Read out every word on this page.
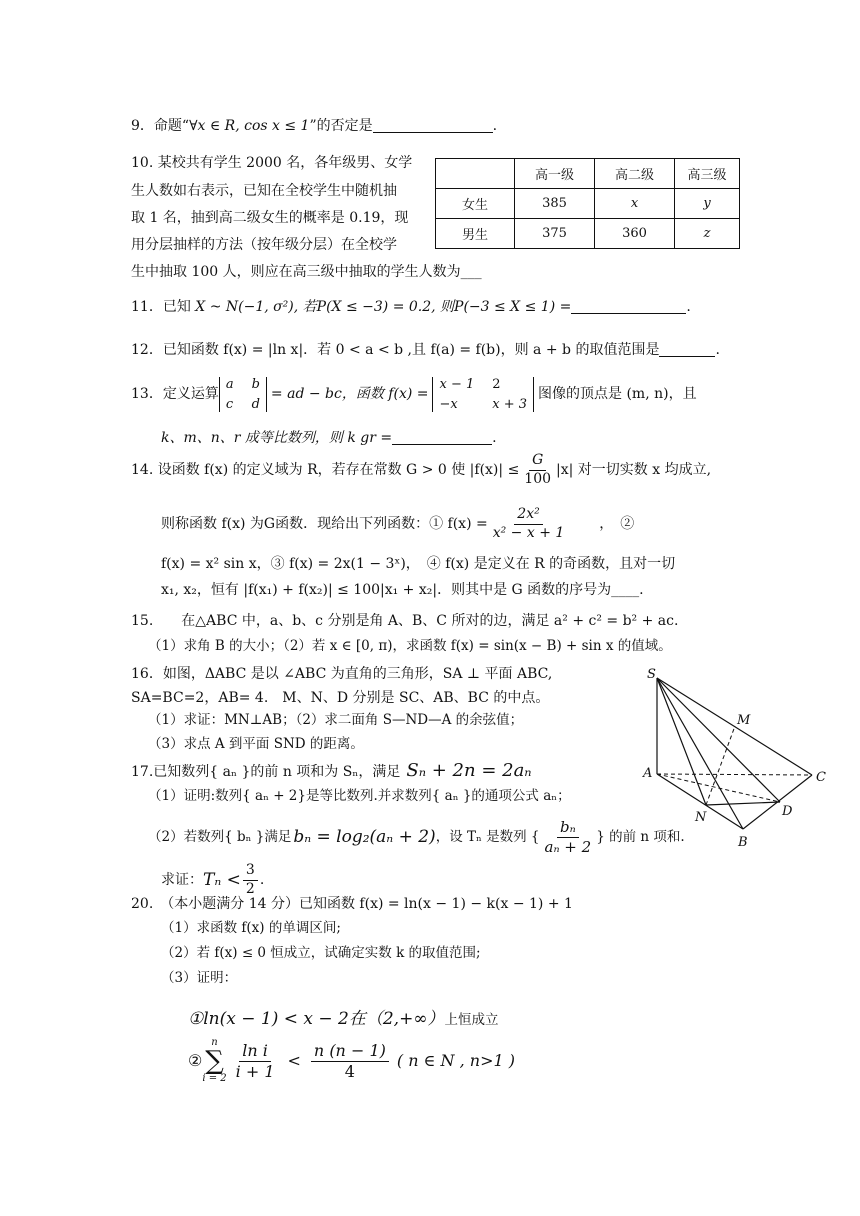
9．命题“∀x ∈ R, cos x ≤ 1”的否定是	.
10. 某校共有学生 2000 名，各年级男、女学
生人数如右表示，已知在全校学生中随机抽
取 1 名，抽到高二级女生的概率是 0.19，现
用分层抽样的方法（按年级分层）在全校学
生中抽取 100 人，则应在高三级中抽取的学生人数为___
	高一级	高二级	高三级
女生	385	x	y
男生	375	360	z
11．已知 X ~ N(−1, σ²), 若P(X ≤ −3) = 0.2, 则P(−3 ≤ X ≤ 1) =	.
12．已知函数 f(x) = |ln x|．若 0 < a < b ,且 f(a) = f(b)，则 a + b 的取值范围是	.
13．定义运算
a b
c d
= ad − bc，函数 f(x) =
x − 1 2
−x	x + 3
图像的顶点是 (m, n)，且
k、m、n、r 成等比数列，则 k gr =	.
14. 设函数 f(x) 的定义域为 R，若存在常数 G > 0 使 $|f(x)| \le \frac{G}{100} |x|$ 对一切实数 x 均成立,
则称函数 f(x) 为G函数．现给出下列函数：① $f(x) = \frac{\text{2x²}}{\text{x² − x + 1}}$ ，　②
f(x) = x² sin x，③ f(x) = 2x(1 − 3ˣ)，　④ f(x) 是定义在 R 的奇函数，且对一切
x₁, x₂，恒有 |f(x₁) + f(x₂)| ≤ 100|x₁ + x₂|．则其中是 G 函数的序号为____.
15.　　在△ABC 中，a、b、c 分别是角 A、B、C 所对的边，满足 a² + c² = b² + ac.
（1）求角 B 的大小；（2）若 x ∈ [0, π)，求函数 f(x) = sin(x − B) + sin x 的值域。
16．如图，ΔABC 是以 ∠ABC 为直角的三角形，SA ⊥ 平面 ABC,
SA=BC=2，AB= 4.　M、N、D 分别是 SC、AB、BC 的中点。
（1）求证：MN⊥AB；（2）求二面角 S—ND—A 的余弦值；
（3）求点 A 到平面 SND 的距离。
S
M
A	C
D
N
B
17.已知数列{ aₙ }的前 n 项和为 Sₙ，满足 Sₙ + 2n = 2aₙ
（1）证明:数列{ aₙ + 2}是等比数列.并求数列{ aₙ }的通项公式 aₙ；
（2）若数列{ bₙ }满足 bₙ = log₂(aₙ + 2) ，设 Tₙ 是数列 { $\frac{\text{bₙ}}{\text{aₙ + 2}}$ } 的前 n 项和.
求证： $T_n < \frac{3}{2}$ .
20.　（本小题满分 14 分）已知函数 f(x) = ln(x − 1) − k(x − 1) + 1
（1）求函数 f(x) 的单调区间;
（2）若 f(x) ≤ 0 恒成立，试确定实数 k 的取值范围;
（3）证明：
①ln(x − 1) < x − 2在（2,+∞） 上恒成立
②
n
∑
$i = 2 \frac{\text{ln i}}{i + 1} < \frac{n (n - 1)}{4}$ ( n ∈ N , n>1 )
